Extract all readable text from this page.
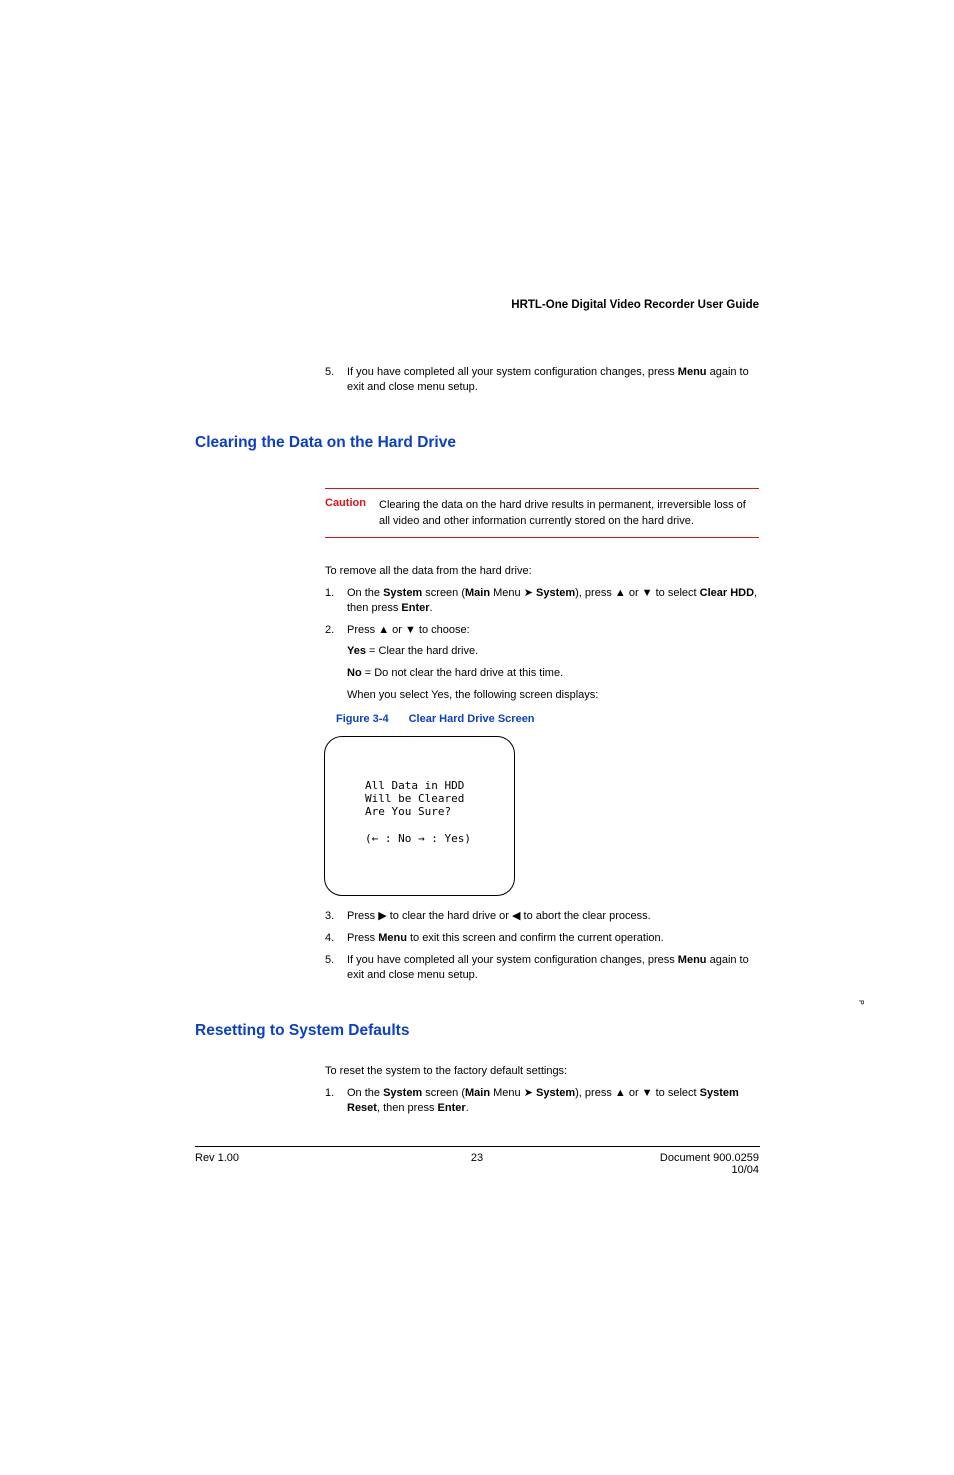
HRTL-One Digital Video Recorder User Guide
5. If you have completed all your system configuration changes, press Menu again to exit and close menu setup.
Clearing the Data on the Hard Drive
Caution Clearing the data on the hard drive results in permanent, irreversible loss of all video and other information currently stored on the hard drive.
To remove all the data from the hard drive:
1. On the System screen (Main Menu ➤ System), press ▲ or ▼ to select Clear HDD, then press Enter.
2. Press ▲ or ▼ to choose:
Yes = Clear the hard drive.
No = Do not clear the hard drive at this time.
When you select Yes, the following screen displays:
Figure 3-4 Clear Hard Drive Screen
All Data in HDD
Will be Cleared
Are You Sure?
(← : No → : Yes)
3. Press ▶ to clear the hard drive or ◀ to abort the clear process.
4. Press Menu to exit this screen and confirm the current operation.
5. If you have completed all your system configuration changes, press Menu again to exit and close menu setup.
Resetting to System Defaults
To reset the system to the factory default settings:
1. On the System screen (Main Menu ➤ System), press ▲ or ▼ to select System Reset, then press Enter.
Rev 1.00	23	Document 900.0259
10/04
P
